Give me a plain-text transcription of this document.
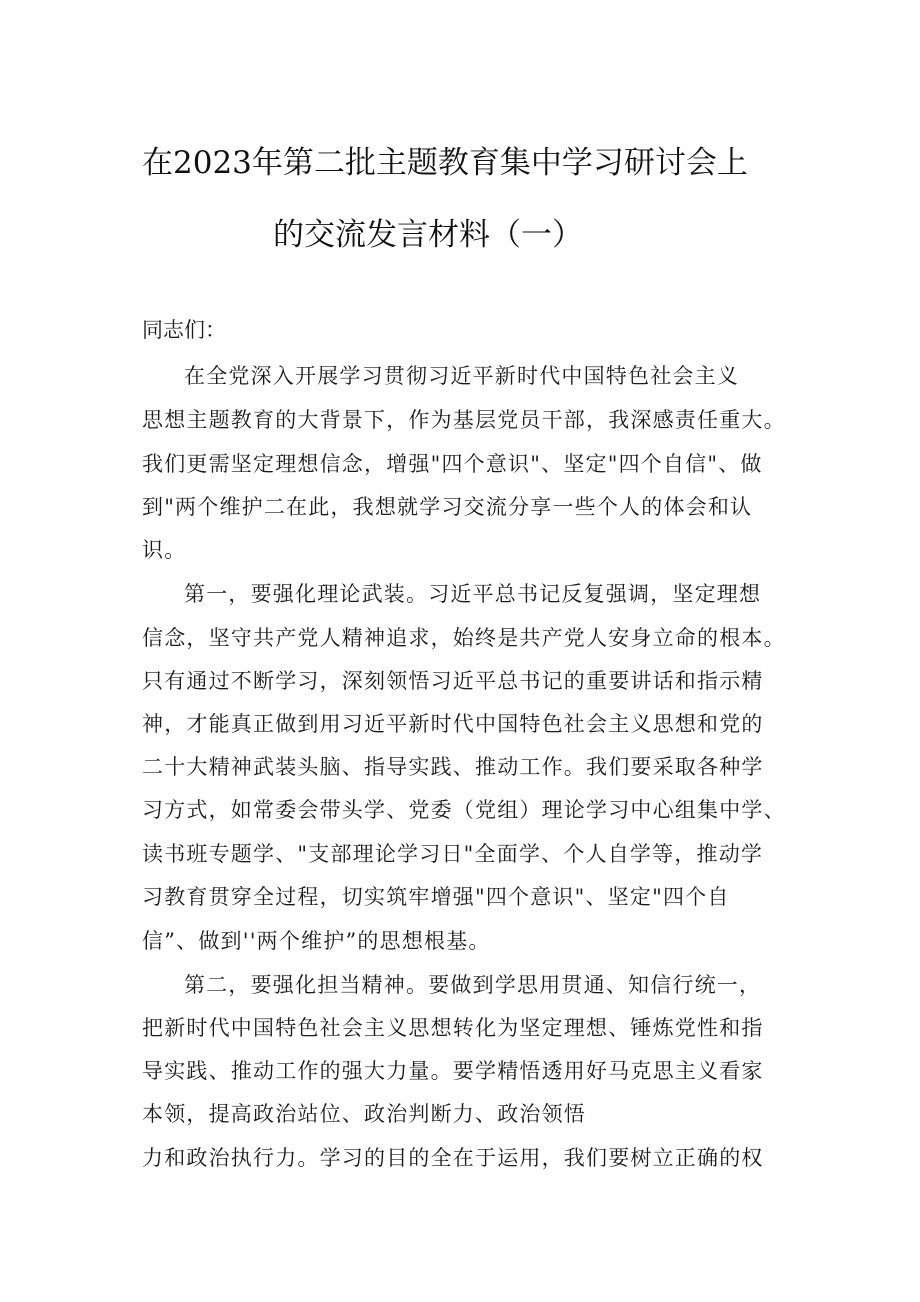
在2023年第二批主题教育集中学习研讨会上
的交流发言材料（一）
同志们：
在全党深入开展学习贯彻习近平新时代中国特色社会主义
思想主题教育的大背景下，作为基层党员干部，我深感责任重大。
我们更需坚定理想信念，增强"四个意识"、坚定"四个自信"、做
到"两个维护二在此，我想就学习交流分享一些个人的体会和认
识。
第一，要强化理论武装。习近平总书记反复强调，坚定理想
信念，坚守共产党人精神追求，始终是共产党人安身立命的根本。
只有通过不断学习，深刻领悟习近平总书记的重要讲话和指示精
神，才能真正做到用习近平新时代中国特色社会主义思想和党的
二十大精神武装头脑、指导实践、推动工作。我们要采取各种学
习方式，如常委会带头学、党委（党组）理论学习中心组集中学、
读书班专题学、"支部理论学习日"全面学、个人自学等，推动学
习教育贯穿全过程，切实筑牢增强"四个意识"、坚定"四个自
信”、做到''两个维护”的思想根基。
第二，要强化担当精神。要做到学思用贯通、知信行统一，
把新时代中国特色社会主义思想转化为坚定理想、锤炼党性和指
导实践、推动工作的强大力量。要学精悟透用好马克思主义看家
本领，提高政治站位、政治判断力、政治领悟
力和政治执行力。学习的目的全在于运用，我们要树立正确的权
